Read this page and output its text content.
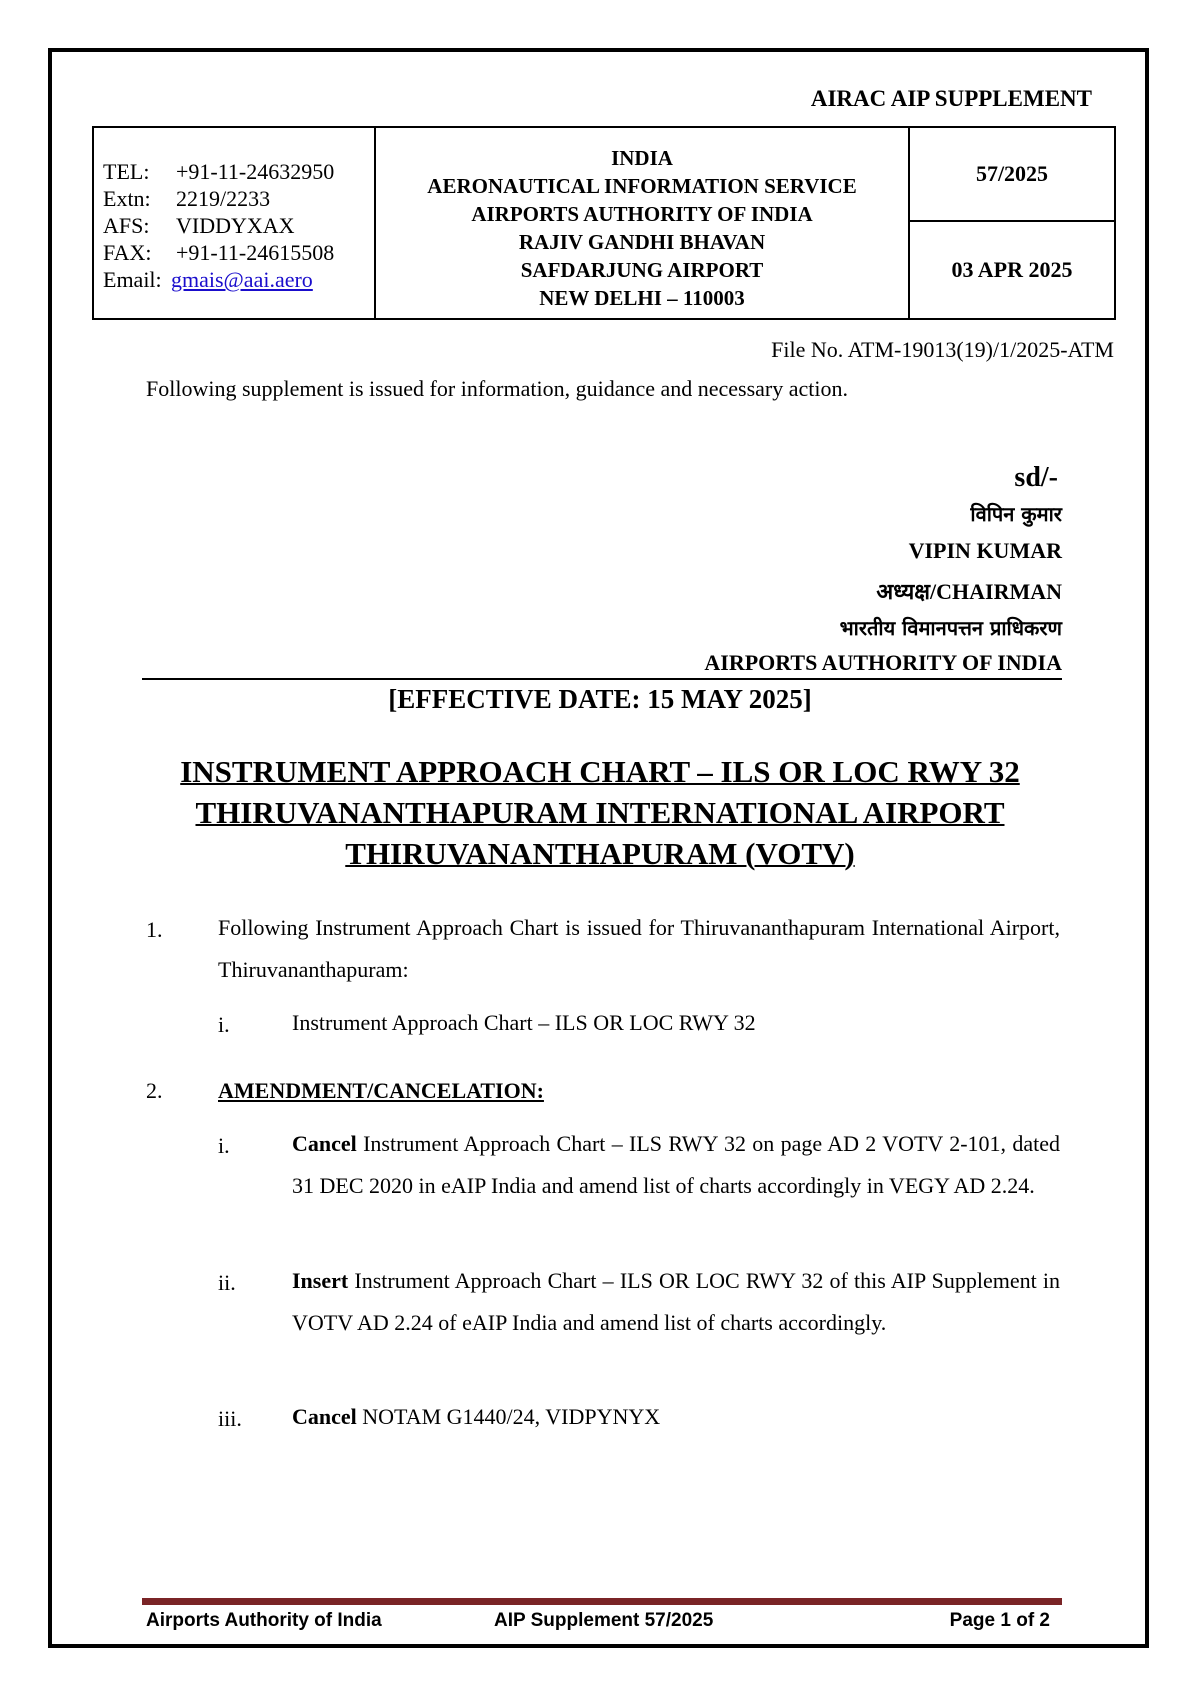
AIRAC AIP SUPPLEMENT
TEL:	+91-11-24632950
Extn:	2219/2233
AFS:	VIDDYXAX
FAX:	+91-11-24615508
Email: gmais@aai.aero
INDIA
AERONAUTICAL INFORMATION SERVICE
AIRPORTS AUTHORITY OF INDIA
RAJIV GANDHI BHAVAN
SAFDARJUNG AIRPORT
NEW DELHI – 110003
57/2025
03 APR 2025
File No. ATM-19013(19)/1/2025-ATM
Following supplement is issued for information, guidance and necessary action.
sd/-
विपिन कुमार
VIPIN KUMAR
अध्यक्ष/CHAIRMAN
भारतीय विमानपत्तन प्राधिकरण
AIRPORTS AUTHORITY OF INDIA
[EFFECTIVE DATE: 15 MAY 2025]
INSTRUMENT APPROACH CHART – ILS OR LOC RWY 32
THIRUVANANTHAPURAM INTERNATIONAL AIRPORT
THIRUVANANTHAPURAM (VOTV)
1.	Following Instrument Approach Chart is issued for Thiruvananthapuram International Airport, Thiruvananthapuram:
i.	Instrument Approach Chart – ILS OR LOC RWY 32
2.	AMENDMENT/CANCELATION:
i.	Cancel Instrument Approach Chart – ILS RWY 32 on page AD 2 VOTV 2-101, dated 31 DEC 2020 in eAIP India and amend list of charts accordingly in VEGY AD 2.24.
ii.	Insert Instrument Approach Chart – ILS OR LOC RWY 32 of this AIP Supplement in VOTV AD 2.24 of eAIP India and amend list of charts accordingly.
iii. Cancel NOTAM G1440/24, VIDPYNYX
Airports Authority of India	AIP Supplement 57/2025	Page 1 of 2
